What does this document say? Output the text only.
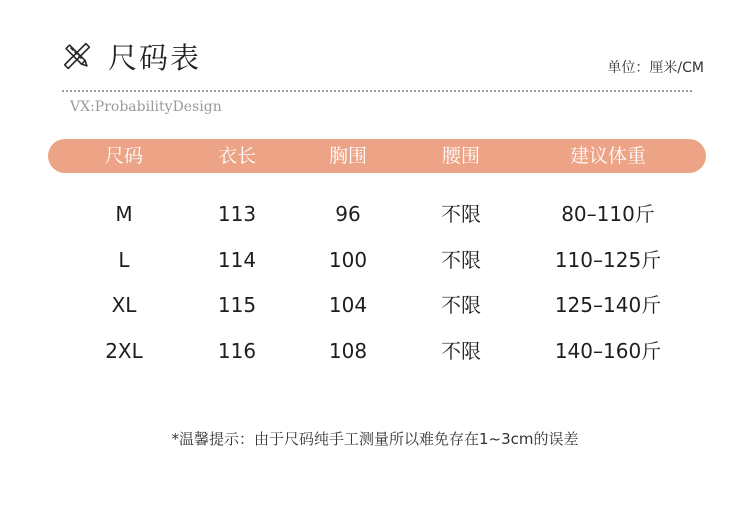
尺码表	单位：厘米/CM
VX:ProbabilityDesign
尺码	衣长	胸围	腰围	建议体重
M	113	96	不限	80–110斤
L	114	100	不限	110–125斤
XL	115	104	不限	125–140斤
2XL	116	108	不限	140–160斤
*温馨提示：由于尺码纯手工测量所以难免存在1~3cm的误差
